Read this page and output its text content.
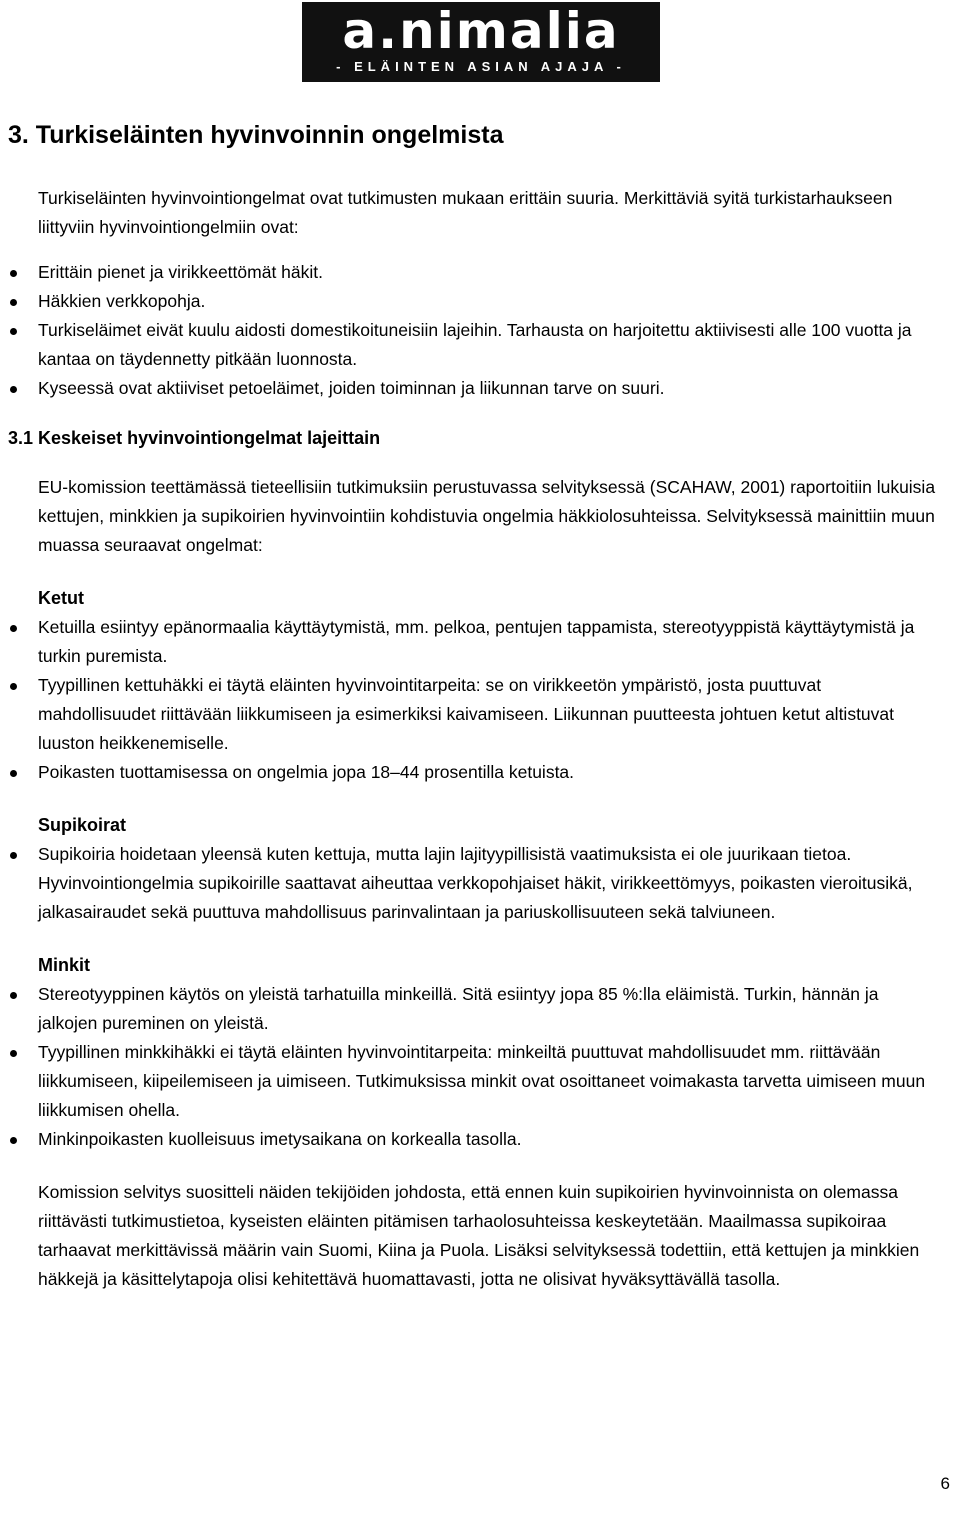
a.nimalia
- ELÄINTEN ASIAN AJAJA -
3. Turkiseläinten hyvinvoinnin ongelmista

Turkiseläinten hyvinvointiongelmat ovat tutkimusten mukaan erittäin suuria. Merkittäviä syitä turkistarhaukseen liittyviin hyvinvointiongelmiin ovat:

Erittäin pienet ja virikkeettömät häkit.
Häkkien verkkopohja.
Turkiseläimet eivät kuulu aidosti domestikoituneisiin lajeihin. Tarhausta on harjoitettu aktiivisesti alle 100 vuotta ja kantaa on täydennetty pitkään luonnosta.
Kyseessä ovat aktiiviset petoeläimet, joiden toiminnan ja liikunnan tarve on suuri.
3.1 Keskeiset hyvinvointiongelmat lajeittain

EU-komission teettämässä tieteellisiin tutkimuksiin perustuvassa selvityksessä (SCAHAW, 2001) raportoitiin lukuisia kettujen, minkkien ja supikoirien hyvinvointiin kohdistuvia ongelmia häkkiolosuhteissa. Selvityksessä mainittiin muun muassa seuraavat ongelmat:

Ketut
Ketuilla esiintyy epänormaalia käyttäytymistä, mm. pelkoa, pentujen tappamista, stereotyyppistä käyttäytymistä ja turkin puremista.
Tyypillinen kettuhäkki ei täytä eläinten hyvinvointitarpeita: se on virikkeetön ympäristö, josta puuttuvat mahdollisuudet riittävään liikkumiseen ja esimerkiksi kaivamiseen. Liikunnan puutteesta johtuen ketut altistuvat luuston heikkenemiselle.
Poikasten tuottamisessa on ongelmia jopa 18–44 prosentilla ketuista.
Supikoirat
Supikoiria hoidetaan yleensä kuten kettuja, mutta lajin lajityypillisistä vaatimuksista ei ole juurikaan tietoa. Hyvinvointiongelmia supikoirille saattavat aiheuttaa verkkopohjaiset häkit, virikkeettömyys, poikasten vieroitusikä, jalkasairaudet sekä puuttuva mahdollisuus parinvalintaan ja pariuskollisuuteen sekä talviuneen.
Minkit
Stereotyyppinen käytös on yleistä tarhatuilla minkeillä. Sitä esiintyy jopa 85 %:lla eläimistä. Turkin, hännän ja jalkojen pureminen on yleistä.
Tyypillinen minkkihäkki ei täytä eläinten hyvinvointitarpeita: minkeiltä puuttuvat mahdollisuudet mm. riittävään liikkumiseen, kiipeilemiseen ja uimiseen. Tutkimuksissa minkit ovat osoittaneet voimakasta tarvetta uimiseen muun liikkumisen ohella.
Minkinpoikasten kuolleisuus imetysaikana on korkealla tasolla.

Komission selvitys suositteli näiden tekijöiden johdosta, että ennen kuin supikoirien hyvinvoinnista on olemassa riittävästi tutkimustietoa, kyseisten eläinten pitämisen tarhaolosuhteissa keskeytetään. Maailmassa supikoiraa tarhaavat merkittävissä määrin vain Suomi, Kiina ja Puola. Lisäksi selvityksessä todettiin, että kettujen ja minkkien häkkejä ja käsittelytapoja olisi kehitettävä huomattavasti, jotta ne olisivat hyväksyttävällä tasolla.

6
